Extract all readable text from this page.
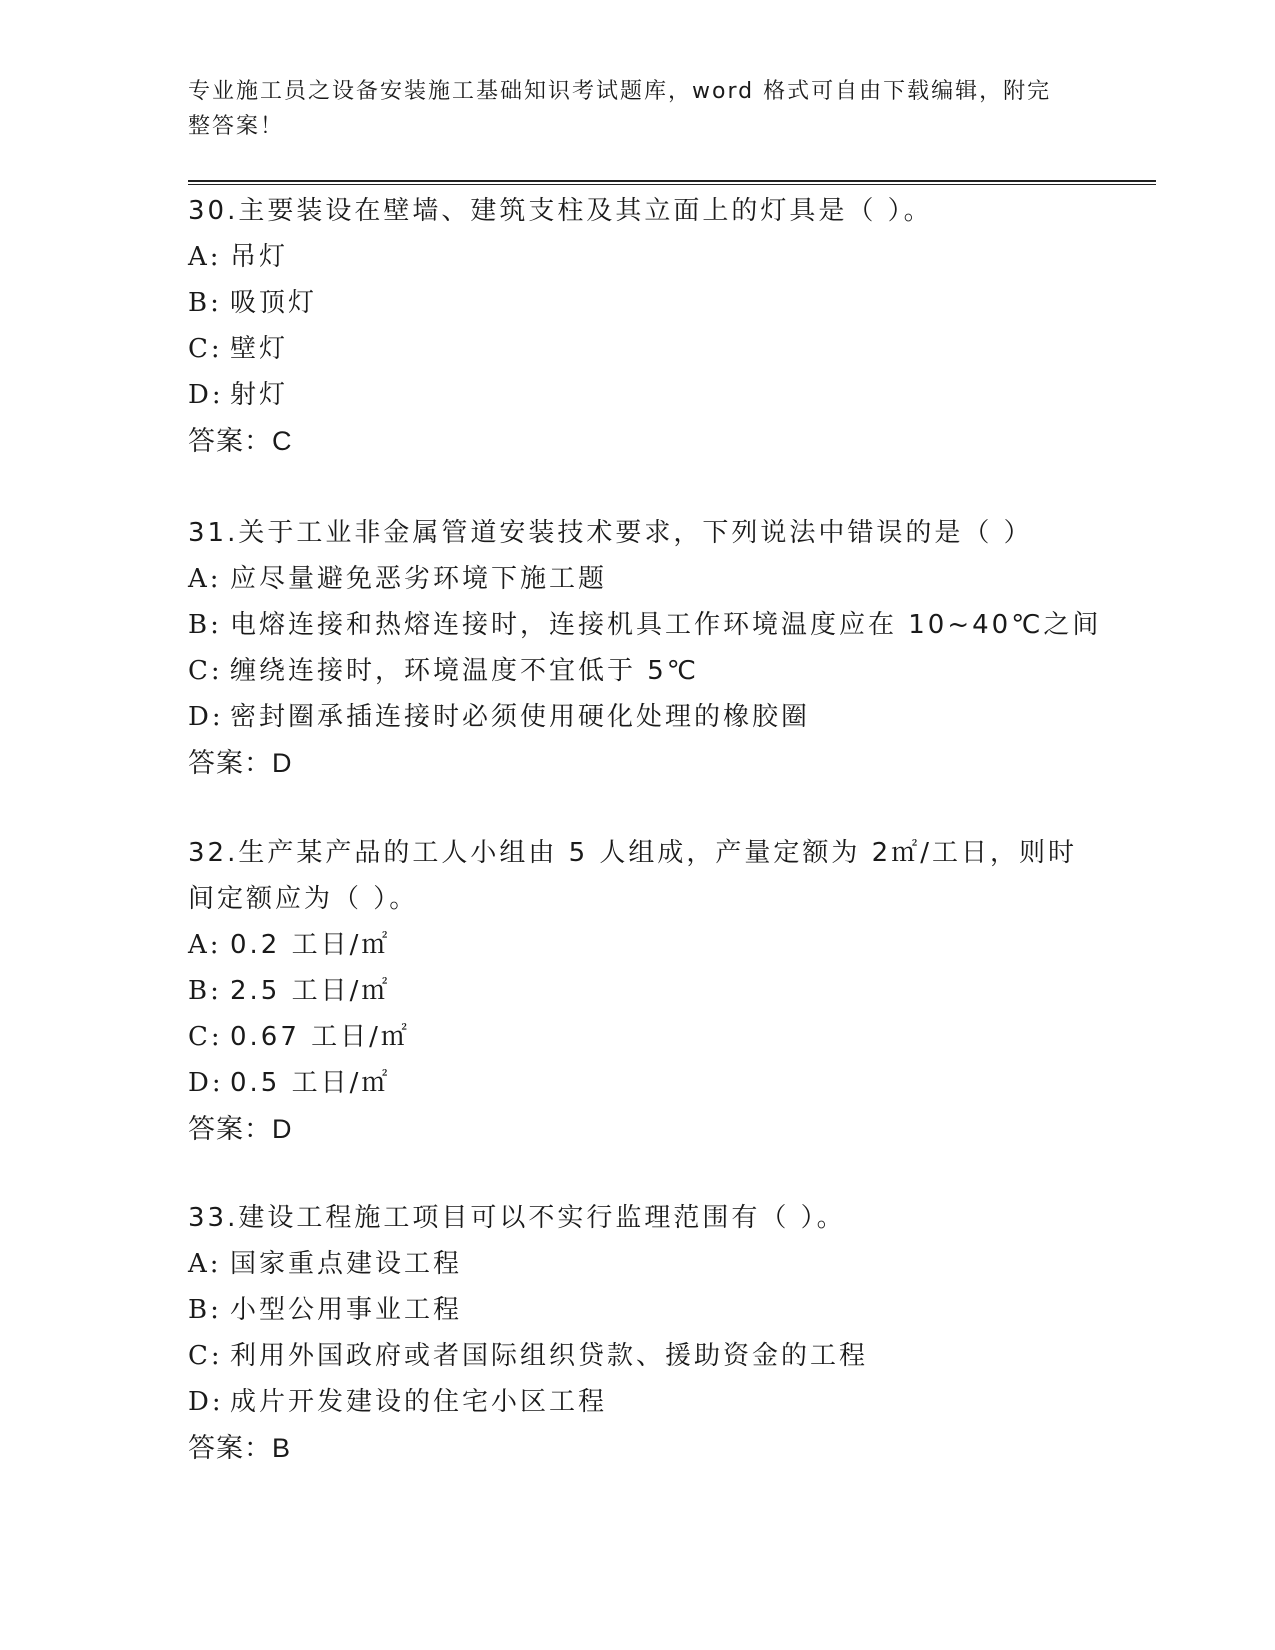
专业施工员之设备安装施工基础知识考试题库，word 格式可自由下载编辑，附完整答案！
30.主要装设在壁墙、建筑支柱及其立面上的灯具是（ ）。
A: 吊灯
B: 吸顶灯
C: 壁灯
D: 射灯
答案：C
31.关于工业非金属管道安装技术要求，下列说法中错误的是（ ）
A: 应尽量避免恶劣环境下施工题
B: 电熔连接和热熔连接时，连接机具工作环境温度应在 10~40℃之间
C: 缠绕连接时，环境温度不宜低于 5℃
D: 密封圈承插连接时必须使用硬化处理的橡胶圈
答案：D
32.生产某产品的工人小组由 5 人组成，产量定额为 2㎡/工日，则时间定额应为（ ）。
A: 0.2 工日/㎡
B: 2.5 工日/㎡
C: 0.67 工日/㎡
D: 0.5 工日/㎡
答案：D
33.建设工程施工项目可以不实行监理范围有（ ）。
A: 国家重点建设工程
B: 小型公用事业工程
C: 利用外国政府或者国际组织贷款、援助资金的工程
D: 成片开发建设的住宅小区工程
答案：B
